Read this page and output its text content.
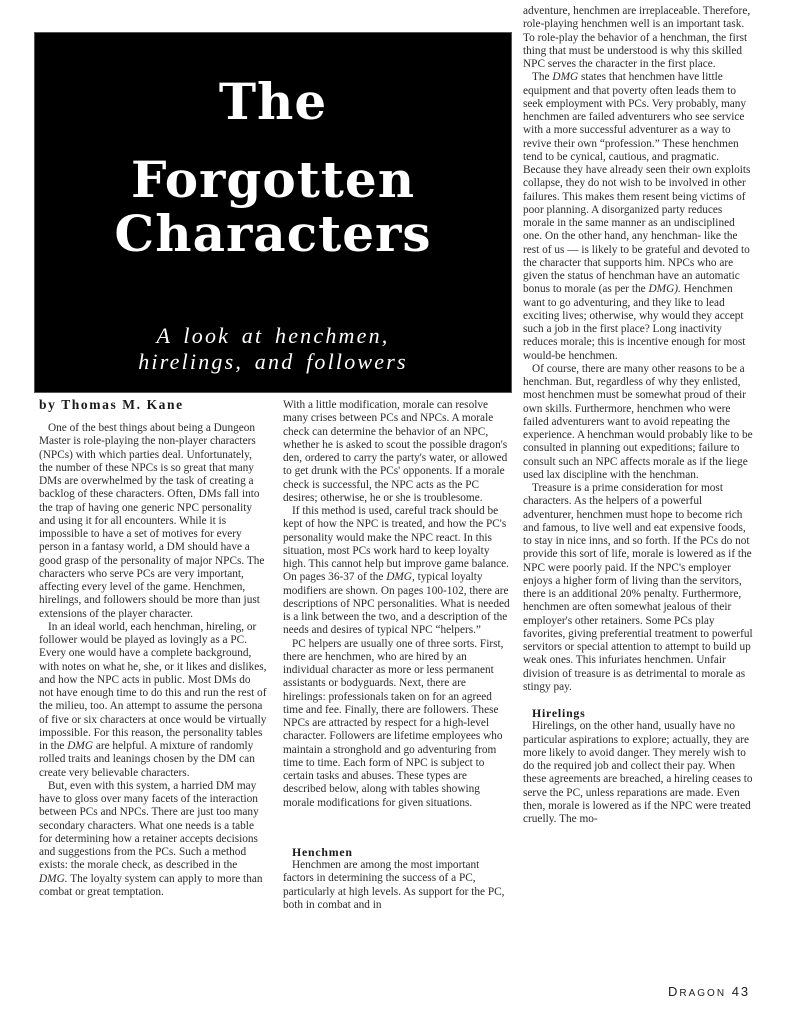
The
Forgotten
Characters
A look at henchmen,
hirelings, and followers
by Thomas M. Kane

One of the best things about being a Dungeon Master is role-playing the non-player characters (NPCs) with which parties deal. Unfortunately, the number of these NPCs is so great that many DMs are overwhelmed by the task of creating a backlog of these characters. Often, DMs fall into the trap of having one generic NPC personality and using it for all encounters. While it is impossible to have a set of motives for every person in a fantasy world, a DM should have a good grasp of the personality of major NPCs. The characters who serve PCs are very important, affecting every level of the game. Henchmen, hirelings, and followers should be more than just extensions of the player character.

In an ideal world, each henchman, hireling, or follower would be played as lovingly as a PC. Every one would have a complete background, with notes on what he, she, or it likes and dislikes, and how the NPC acts in public. Most DMs do not have enough time to do this and run the rest of the milieu, too. An attempt to assume the persona of five or six characters at once would be virtually impossible. For this reason, the personality tables in the DMG are helpful. A mixture of randomly rolled traits and leanings chosen by the DM can create very believable characters.

But, even with this system, a harried DM may have to gloss over many facets of the interaction between PCs and NPCs. There are just too many secondary characters. What one needs is a table for determining how a retainer accepts decisions and suggestions from the PCs. Such a method exists: the morale check, as described in the DMG. The loyalty system can apply to more than combat or great temptation.

With a little modification, morale can resolve many crises between PCs and NPCs. A morale check can determine the behavior of an NPC, whether he is asked to scout the possible dragon's den, ordered to carry the party's water, or allowed to get drunk with the PCs' opponents. If a morale check is successful, the NPC acts as the PC desires; otherwise, he or she is troublesome.

If this method is used, careful track should be kept of how the NPC is treated, and how the PC's personality would make the NPC react. In this situation, most PCs work hard to keep loyalty high. This cannot help but improve game balance. On pages 36-37 of the DMG, typical loyalty modifiers are shown. On pages 100-102, there are descriptions of NPC personalities. What is needed is a link between the two, and a description of the needs and desires of typical NPC “helpers.”

PC helpers are usually one of three sorts. First, there are henchmen, who are hired by an individual character as more or less permanent assistants or bodyguards. Next, there are hirelings: professionals taken on for an agreed time and fee. Finally, there are followers. These NPCs are attracted by respect for a high-level character. Followers are lifetime employees who maintain a stronghold and go adventuring from time to time. Each form of NPC is subject to certain tasks and abuses. These types are described below, along with tables showing morale modifications for given situations.

Henchmen

Henchmen are among the most important factors in determining the success of a PC, particularly at high levels. As support for the PC, both in combat and in

adventure, henchmen are irreplaceable. Therefore, role-playing henchmen well is an important task. To role-play the behavior of a henchman, the first thing that must be understood is why this skilled NPC serves the character in the first place.

The DMG states that henchmen have little equipment and that poverty often leads them to seek employment with PCs. Very probably, many henchmen are failed adventurers who see service with a more successful adventurer as a way to revive their own “profession.” These henchmen tend to be cynical, cautious, and pragmatic. Because they have already seen their own exploits collapse, they do not wish to be involved in other failures. This makes them resent being victims of poor planning. A disorganized party reduces morale in the same manner as an undisciplined one. On the other hand, any henchman- like the rest of us — is likely to be grateful and devoted to the character that supports him. NPCs who are given the status of henchman have an automatic bonus to morale (as per the DMG). Henchmen want to go adventuring, and they like to lead exciting lives; otherwise, why would they accept such a job in the first place? Long inactivity reduces morale; this is incentive enough for most would-be henchmen.

Of course, there are many other reasons to be a henchman. But, regardless of why they enlisted, most henchmen must be somewhat proud of their own skills. Furthermore, henchmen who were failed adventurers want to avoid repeating the experience. A henchman would probably like to be consulted in planning out expeditions; failure to consult such an NPC affects morale as if the liege used lax discipline with the henchman.

Treasure is a prime consideration for most characters. As the helpers of a powerful adventurer, henchmen must hope to become rich and famous, to live well and eat expensive foods, to stay in nice inns, and so forth. If the PCs do not provide this sort of life, morale is lowered as if the NPC were poorly paid. If the NPC's employer enjoys a higher form of living than the servitors, there is an additional 20% penalty. Furthermore, henchmen are often somewhat jealous of their employer's other retainers. Some PCs play favorites, giving preferential treatment to powerful servitors or special attention to attempt to build up weak ones. This infuriates henchmen. Unfair division of treasure is as detrimental to morale as stingy pay.

Hirelings

Hirelings, on the other hand, usually have no particular aspirations to explore; actually, they are more likely to avoid danger. They merely wish to do the required job and collect their pay. When these agreements are breached, a hireling ceases to serve the PC, unless reparations are made. Even then, morale is lowered as if the NPC were treated cruelly. The mo-

DRAGON 43
